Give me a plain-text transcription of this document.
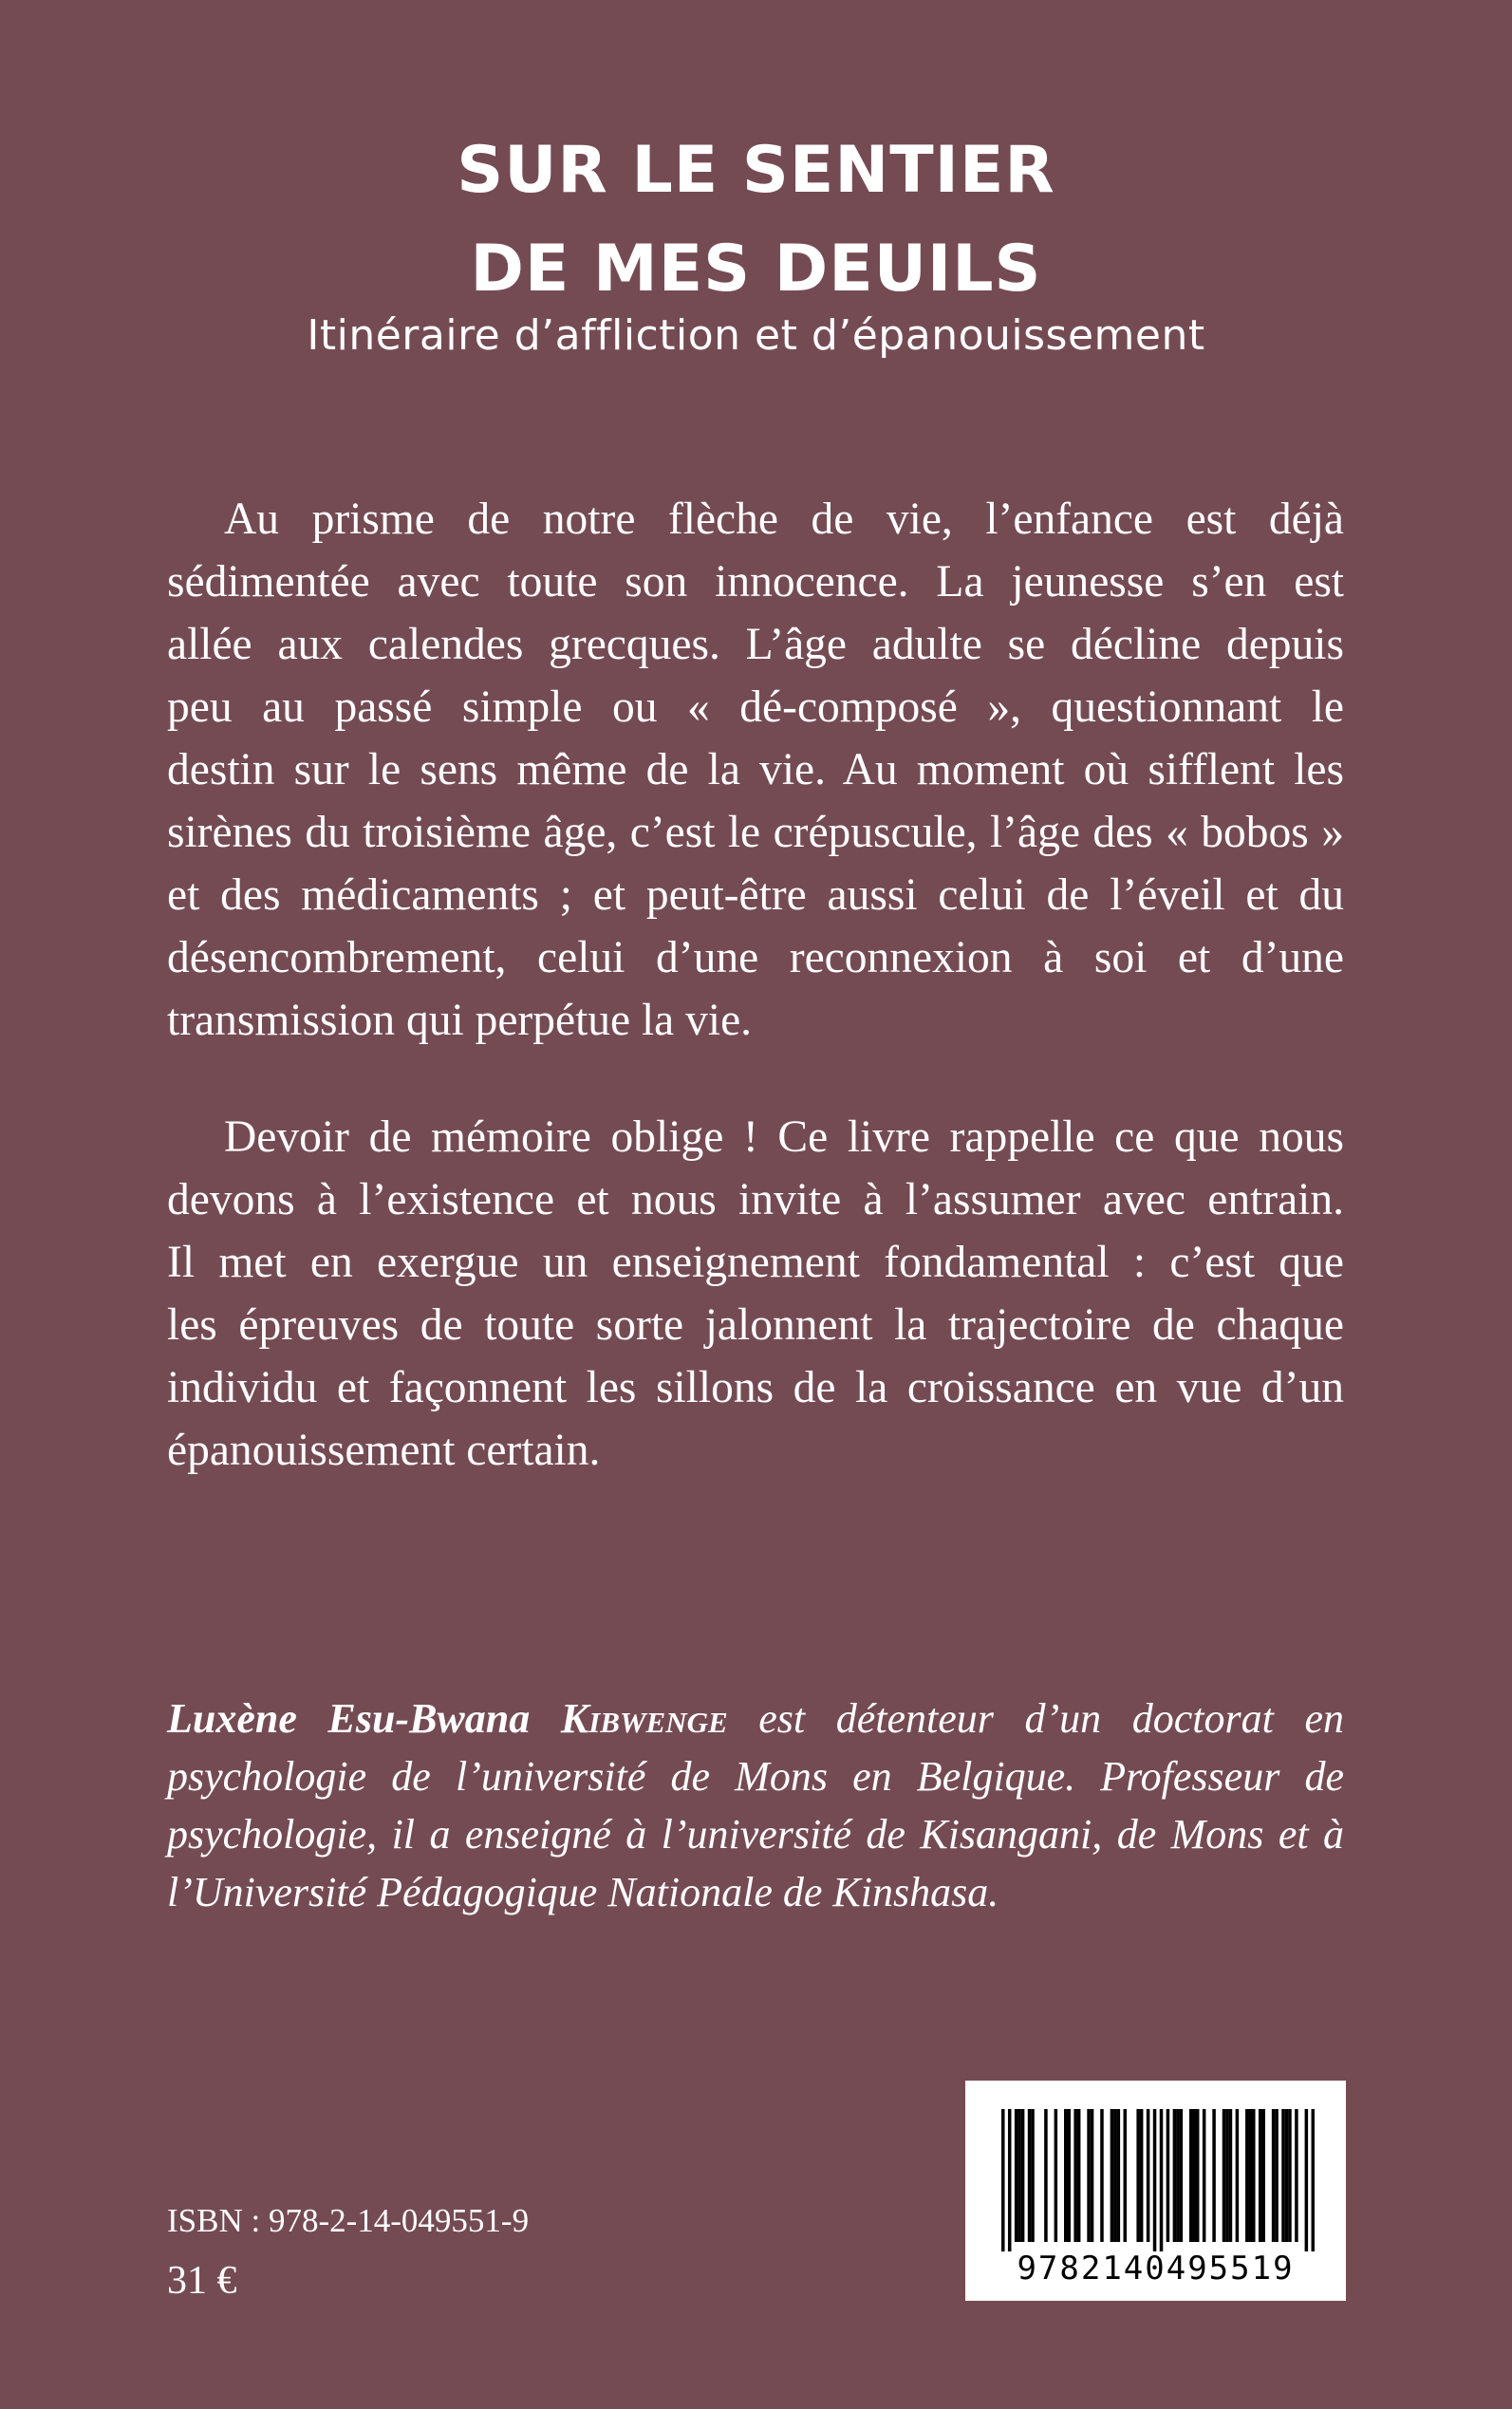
SUR LE SENTIER
DE MES DEUILS

Itinéraire d’affliction et d’épanouissement

Au prisme de notre flèche de vie, l’enfance est déjà
sédimentée avec toute son innocence. La jeunesse s’en est
allée aux calendes grecques. L’âge adulte se décline depuis
peu au passé simple ou « dé-composé », questionnant le
destin sur le sens même de la vie. Au moment où sifflent les
sirènes du troisième âge, c’est le crépuscule, l’âge des « bobos »
et des médicaments ; et peut-être aussi celui de l’éveil et du
désencombrement, celui d’une reconnexion à soi et d’une
transmission qui perpétue la vie.
Devoir de mémoire oblige ! Ce livre rappelle ce que nous
devons à l’existence et nous invite à l’assumer avec entrain.
Il met en exergue un enseignement fondamental : c’est que
les épreuves de toute sorte jalonnent la trajectoire de chaque
individu et façonnent les sillons de la croissance en vue d’un
épanouissement certain.
Luxène Esu-Bwana Kibwenge est détenteur d’un doctorat en
psychologie de l’université de Mons en Belgique. Professeur de
psychologie, il a enseigné à l’université de Kisangani, de Mons et à
l’Université Pédagogique Nationale de Kinshasa.

ISBN : 978-2-14-049551-9

31 €	9782140495519
